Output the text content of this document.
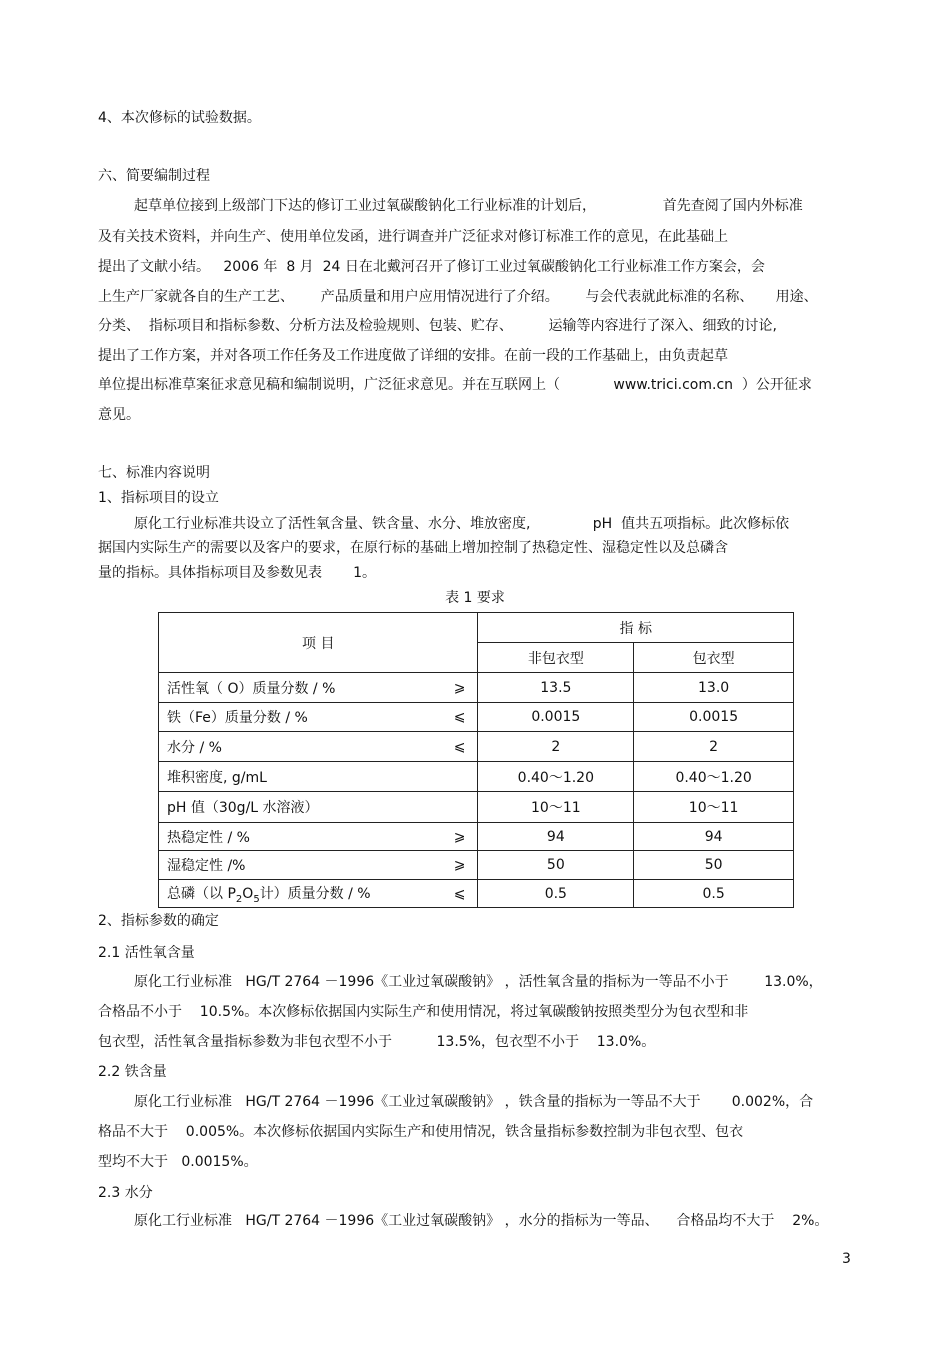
4、本次修标的试验数据。
六、简要编制过程
起草单位接到上级部门下达的修订工业过氧碳酸钠化工行业标准的计划后，               首先查阅了国内外标准
及有关技术资料，并向生产、使用单位发函，进行调查并广泛征求对修订标准工作的意见，在此基础上
提出了文献小结。   2006 年  8 月  24 日在北戴河召开了修订工业过氧碳酸钠化工行业标准工作方案会，会
上生产厂家就各自的生产工艺、      产品质量和用户应用情况进行了介绍。      与会代表就此标准的名称、     用途、
分类、  指标项目和指标参数、分析方法及检验规则、包装、贮存、        运输等内容进行了深入、细致的讨论,
提出了工作方案，并对各项工作任务及工作进度做了详细的安排。在前一段的工作基础上，由负责起草
单位提出标准草案征求意见稿和编制说明，广泛征求意见。并在互联网上（            www.trici.com.cn  ）公开征求
意见。
七、标准内容说明
1、指标项目的设立
原化工行业标准共设立了活性氧含量、铁含量、水分、堆放密度,              pH  值共五项指标。此次修标依
据国内实际生产的需要以及客户的要求，在原行标的基础上增加控制了热稳定性、湿稳定性以及总磷含
量的指标。具体指标项目及参数见表       1。
表 1 要求
项 目	指 标	
	非包衣型	包衣型
活性氧（ O）质量分数 / % ⩾	13.5	13.0
铁（Fe）质量分数 / % ⩽	0.0015	0.0015
水分 / % ⩽	2	2
堆积密度, g/mL	0.40～1.20	0.40～1.20
pH 值（30g/L 水溶液）	10～11	10～11
热稳定性 / % ⩾	94	94
湿稳定性 /% ⩾	50	50
总磷（以 $P_2O_5$计）质量分数 / % ⩽	0.5	0.5
2、指标参数的确定
2.1 活性氧含量
原化工行业标准   HG/T 2764 －1996《工业过氧碳酸钠》 ，活性氧含量的指标为一等品不小于        13.0%，
合格品不小于    10.5%。本次修标依据国内实际生产和使用情况，将过氧碳酸钠按照类型分为包衣型和非
包衣型，活性氧含量指标参数为非包衣型不小于          13.5%，包衣型不小于    13.0%。
2.2 铁含量
原化工行业标准   HG/T 2764 －1996《工业过氧碳酸钠》 ，铁含量的指标为一等品不大于       0.002%，合
格品不大于    0.005%。本次修标依据国内实际生产和使用情况，铁含量指标参数控制为非包衣型、包衣
型均不大于   0.0015%。
2.3 水分
原化工行业标准   HG/T 2764 －1996《工业过氧碳酸钠》 ，水分的指标为一等品、    合格品均不大于    2%。
3
